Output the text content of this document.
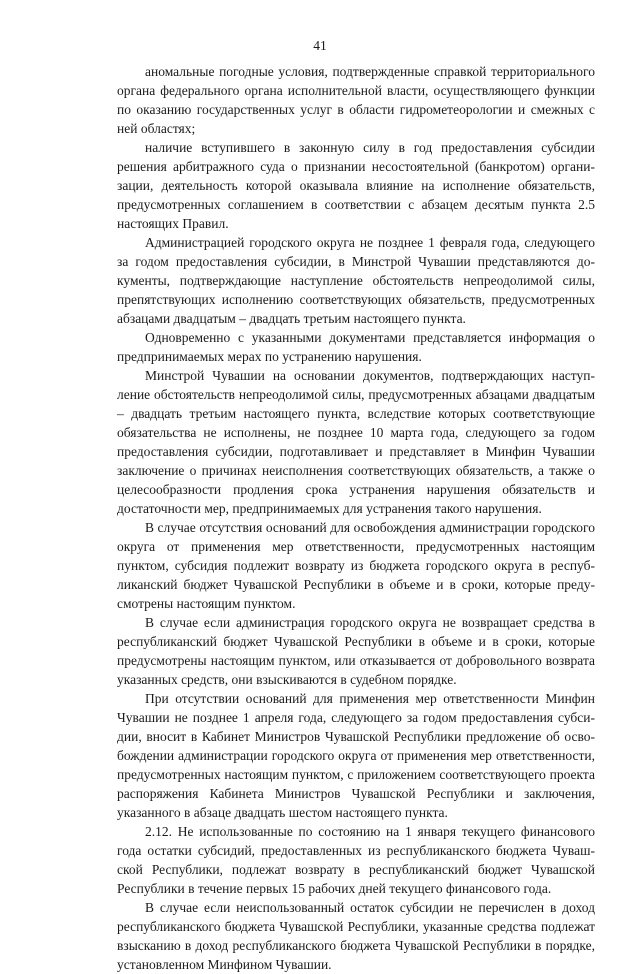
41

аномальные погодные условия, подтвержденные справкой территориального органа федерального органа исполнительной власти, осуществляющего функции по оказанию государственных услуг в области гидрометеорологии и смежных с ней областях;

наличие вступившего в законную силу в год предоставления субсидии решения арбитражного суда о признании несостоятельной (банкротом) организации, деятельность которой оказывала влияние на исполнение обязательств, предусмотренных соглашением в соответствии с абзацем десятым пункта 2.5 настоящих Правил.

Администрацией городского округа не позднее 1 февраля года, следующего за годом предоставления субсидии, в Минстрой Чувашии представляются документы, подтверждающие наступление обстоятельств непреодолимой силы, препятствующих исполнению соответствующих обязательств, предусмотренных абзацами двадцатым – двадцать третьим настоящего пункта.

Одновременно с указанными документами представляется информация о предпринимаемых мерах по устранению нарушения.

Минстрой Чувашии на основании документов, подтверждающих наступление обстоятельств непреодолимой силы, предусмотренных абзацами двадцатым – двадцать третьим настоящего пункта, вследствие которых соответствующие обязательства не исполнены, не позднее 10 марта года, следующего за годом предоставления субсидии, подготавливает и представляет в Минфин Чувашии заключение о причинах неисполнения соответствующих обязательств, а также о целесообразности продления срока устранения нарушения обязательств и достаточности мер, предпринимаемых для устранения такого нарушения.

В случае отсутствия оснований для освобождения администрации городского округа от применения мер ответственности, предусмотренных настоящим пунктом, субсидия подлежит возврату из бюджета городского округа в республиканский бюджет Чувашской Республики в объеме и в сроки, которые предусмотрены настоящим пунктом.

В случае если администрация городского округа не возвращает средства в республиканский бюджет Чувашской Республики в объеме и в сроки, которые предусмотрены настоящим пунктом, или отказывается от добровольного возврата указанных средств, они взыскиваются в судебном порядке.

При отсутствии оснований для применения мер ответственности Минфин Чувашии не позднее 1 апреля года, следующего за годом предоставления субсидии, вносит в Кабинет Министров Чувашской Республики предложение об освобождении администрации городского округа от применения мер ответственности, предусмотренных настоящим пунктом, с приложением соответствующего проекта распоряжения Кабинета Министров Чувашской Республики и заключения, указанного в абзаце двадцать шестом настоящего пункта.

2.12. Не использованные по состоянию на 1 января текущего финансового года остатки субсидий, предоставленных из республиканского бюджета Чувашской Республики, подлежат возврату в республиканский бюджет Чувашской Республики в течение первых 15 рабочих дней текущего финансового года.

В случае если неиспользованный остаток субсидии не перечислен в доход республиканского бюджета Чувашской Республики, указанные средства подлежат взысканию в доход республиканского бюджета Чувашской Республики в порядке, установленном Минфином Чувашии.
